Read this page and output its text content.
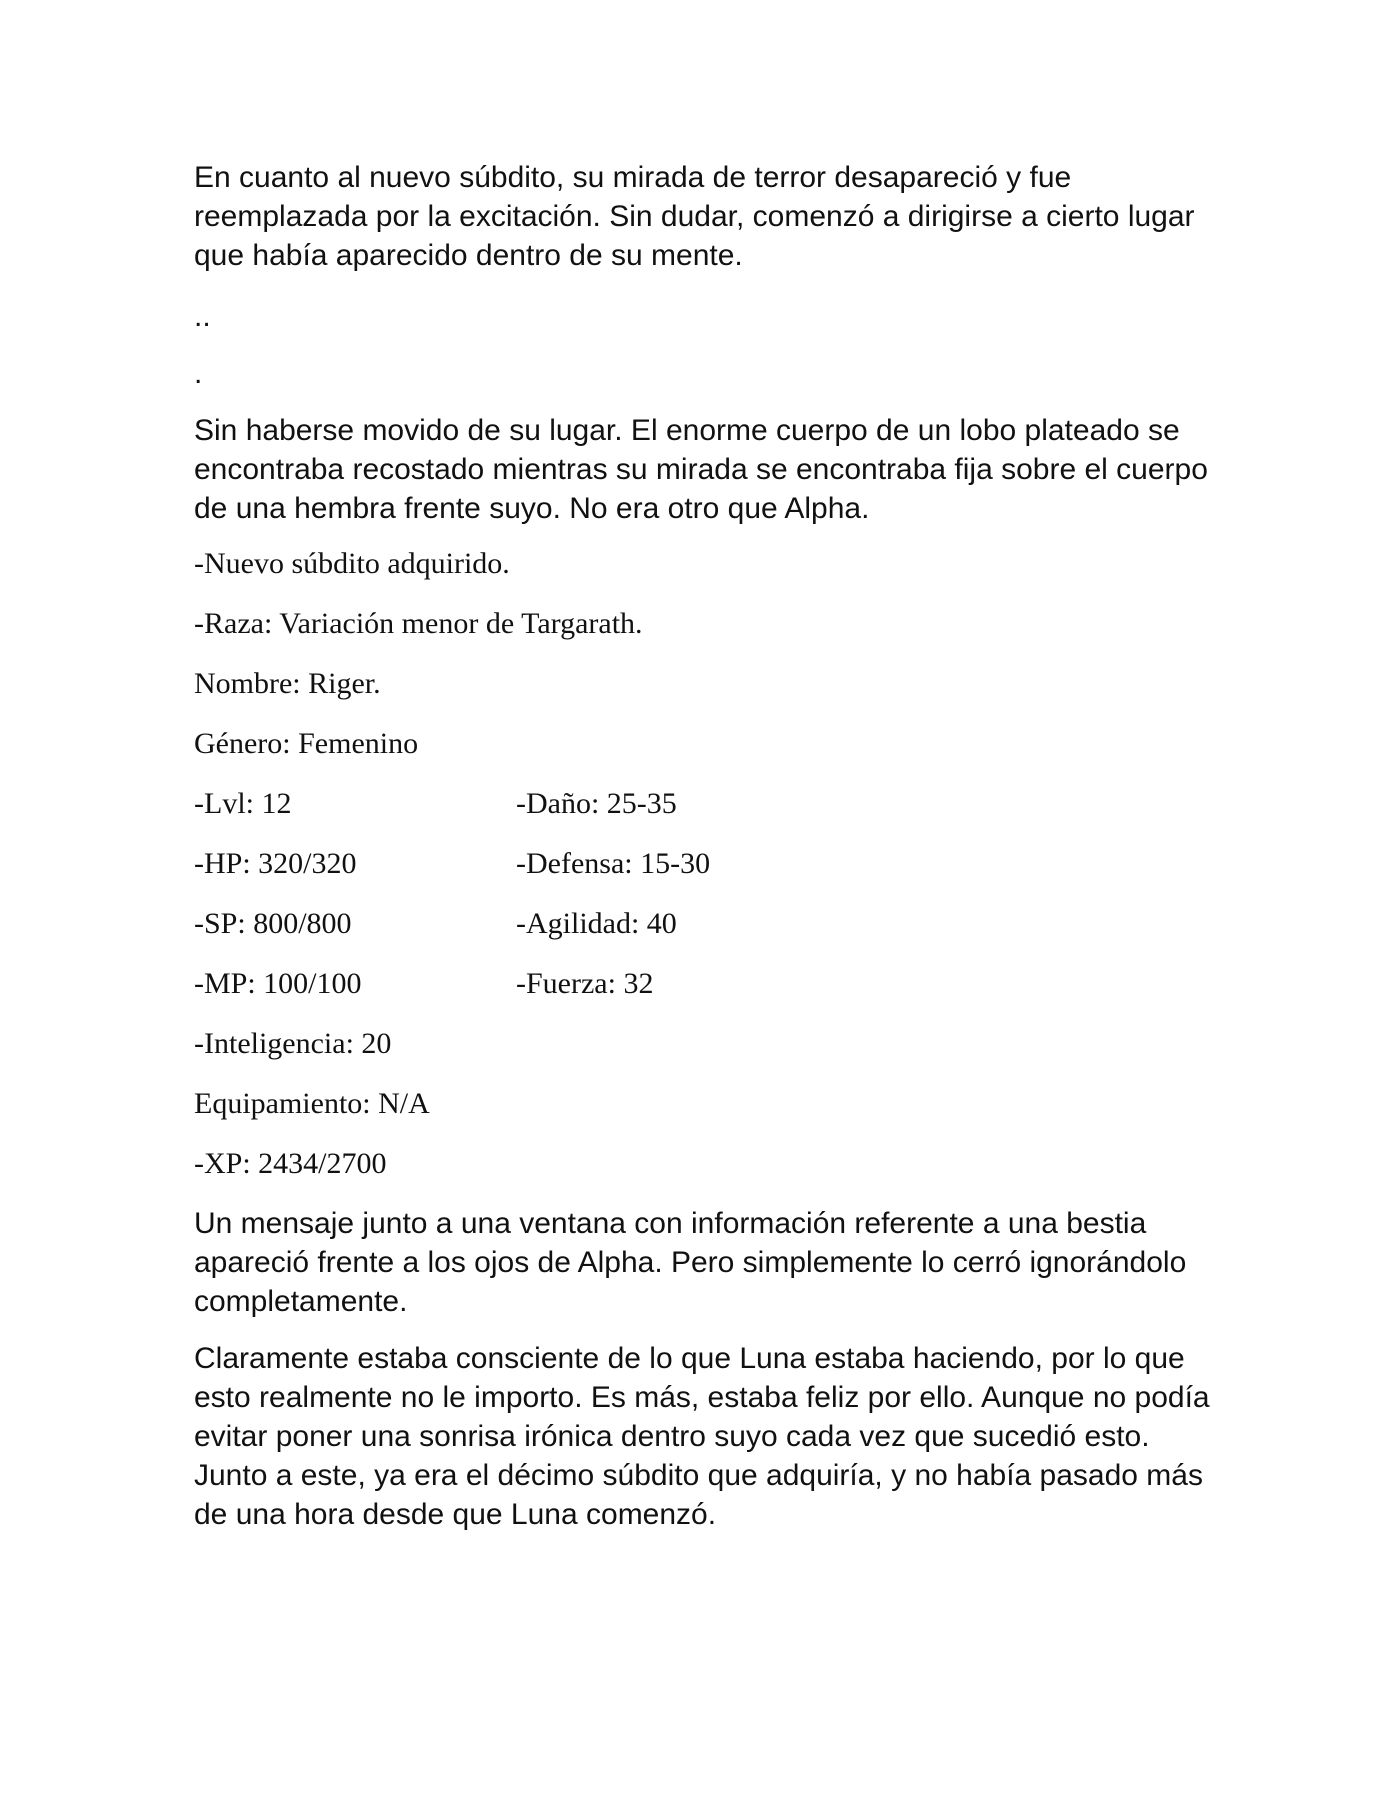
En cuanto al nuevo súbdito, su mirada de terror desapareció y fue reemplazada por la excitación. Sin dudar, comenzó a dirigirse a cierto lugar que había aparecido dentro de su mente.

..

.

Sin haberse movido de su lugar. El enorme cuerpo de un lobo plateado se encontraba recostado mientras su mirada se encontraba fija sobre el cuerpo de una hembra frente suyo. No era otro que Alpha.

-Nuevo súbdito adquirido.
-Raza: Variación menor de Targarath.
Nombre: Riger.
Género: Femenino
-Lvl: 12	-Daño: 25-35
-HP: 320/320	-Defensa: 15-30
-SP: 800/800	-Agilidad: 40
-MP: 100/100	-Fuerza: 32
-Inteligencia: 20
Equipamiento: N/A
-XP: 2434/2700

Un mensaje junto a una ventana con información referente a una bestia apareció frente a los ojos de Alpha. Pero simplemente lo cerró ignorándolo completamente.

Claramente estaba consciente de lo que Luna estaba haciendo, por lo que esto realmente no le importo. Es más, estaba feliz por ello. Aunque no podía evitar poner una sonrisa irónica dentro suyo cada vez que sucedió esto. Junto a este, ya era el décimo súbdito que adquiría, y no había pasado más de una hora desde que Luna comenzó.
